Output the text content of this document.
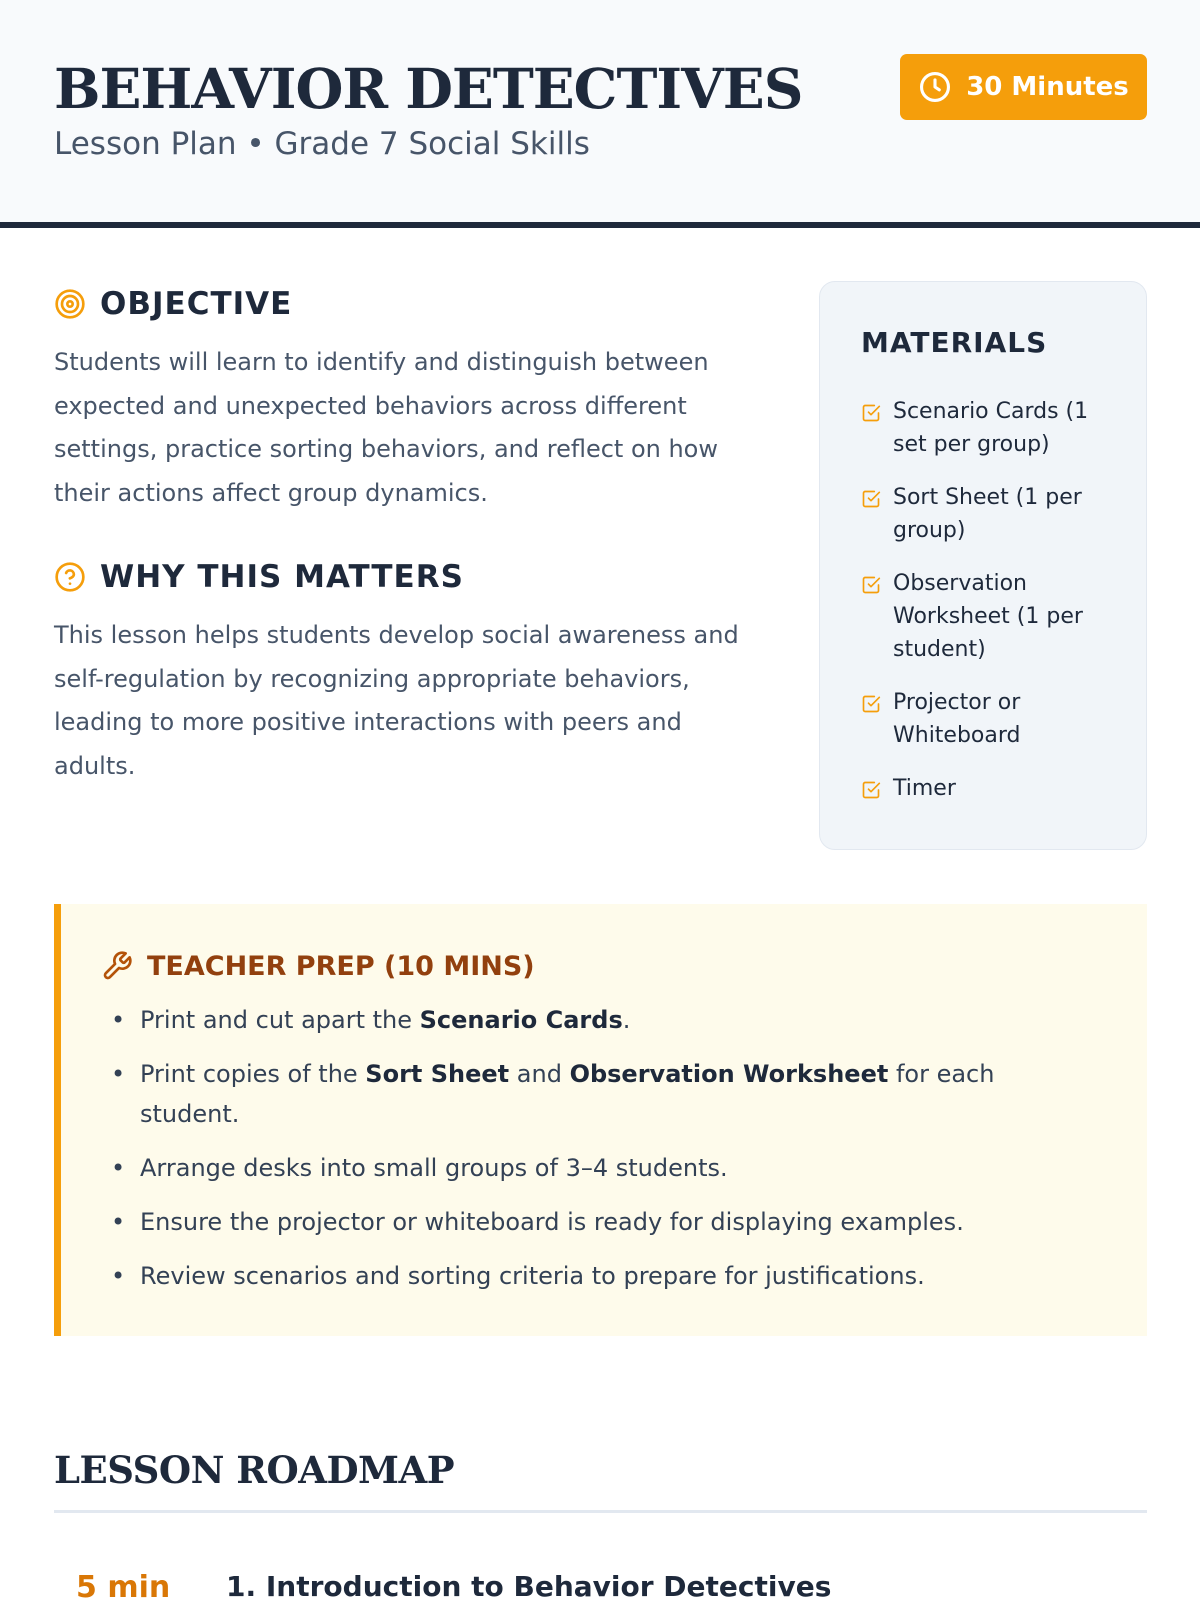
BEHAVIOR DETECTIVES
Lesson Plan • Grade 7 Social Skills
30 Minutes
OBJECTIVE

Students will learn to identify and distinguish between expected and unexpected behaviors across different settings, practice sorting behaviors, and reflect on how their actions affect group dynamics.

WHY THIS MATTERS

This lesson helps students develop social awareness and self-regulation by recognizing appropriate behaviors, leading to more positive interactions with peers and adults.

MATERIALS
Scenario Cards (1 set per group)
Sort Sheet (1 per group)
Observation Worksheet (1 per student)
Projector or Whiteboard
Timer
TEACHER PREP (10 MINS)
• Print and cut apart the Scenario Cards.
• Print copies of the Sort Sheet and Observation Worksheet for each student.
• Arrange desks into small groups of 3–4 students.
• Ensure the projector or whiteboard is ready for displaying examples.
• Review scenarios and sorting criteria to prepare for justifications.
LESSON ROADMAP
5 min 1. Introduction to Behavior Detectives
